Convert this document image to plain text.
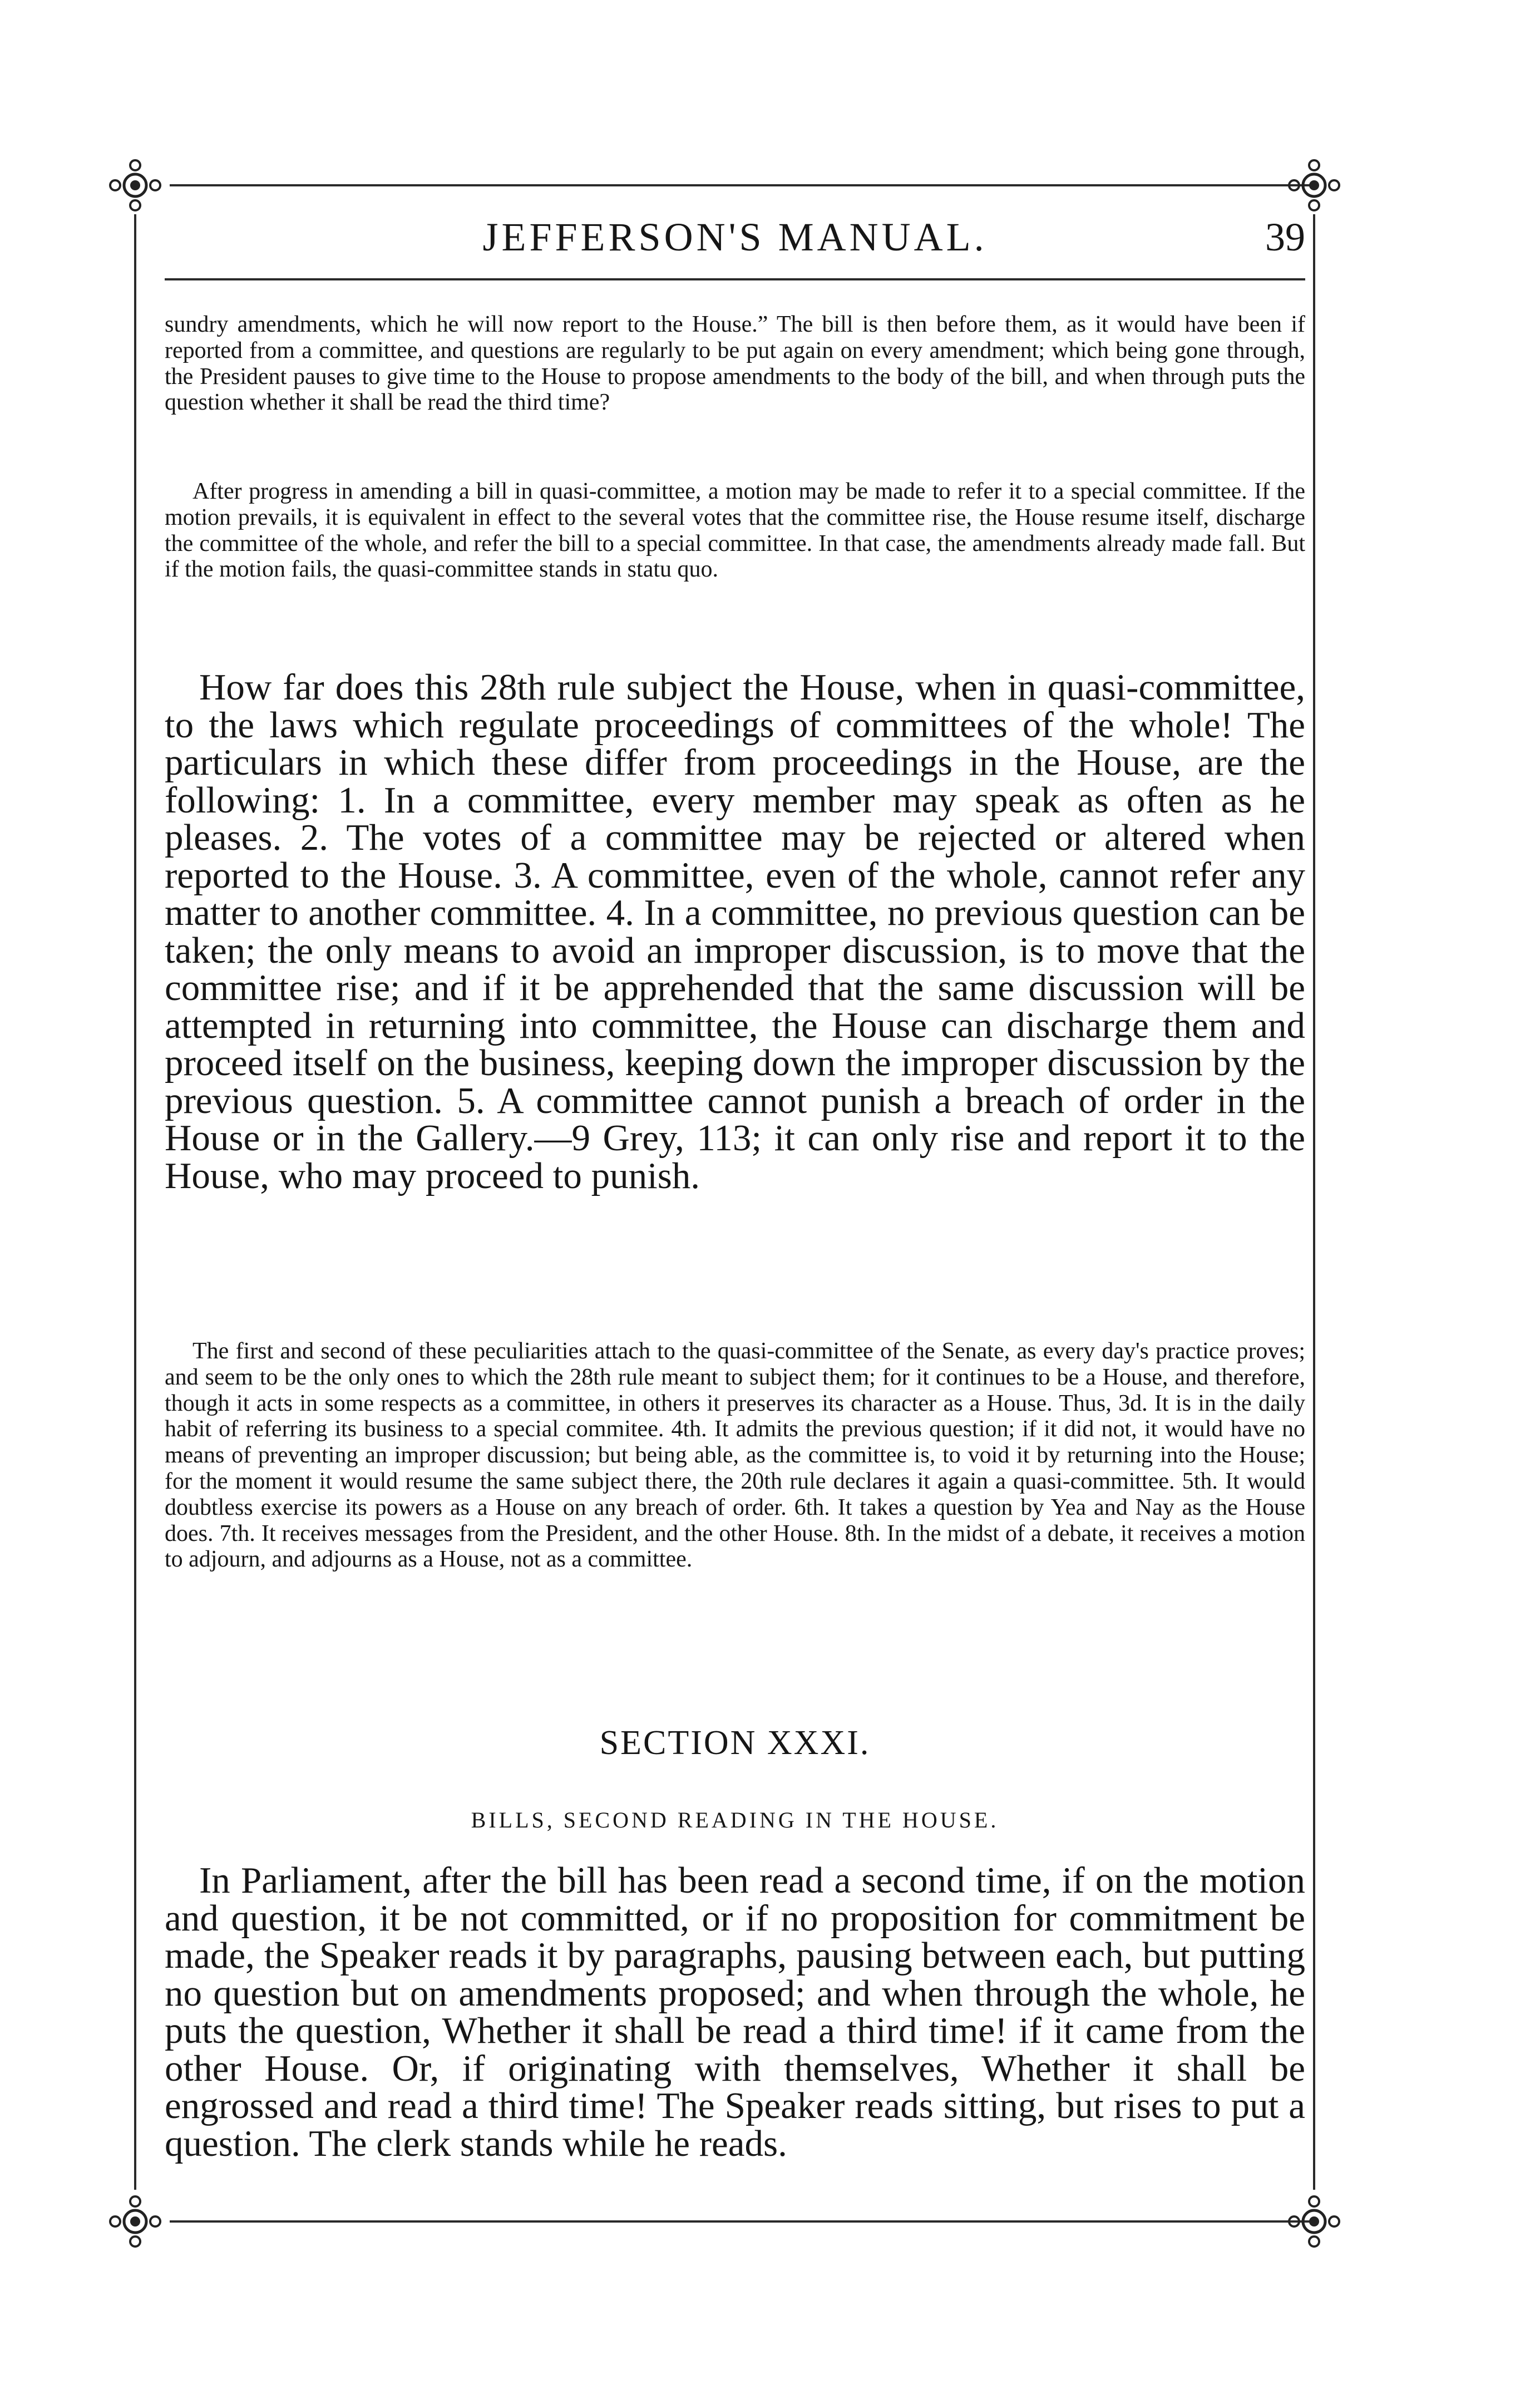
JEFFERSON'S MANUAL.	39

sundry amendments, which he will now report to the House.” The bill is then before them, as it would have been if reported from a committee, and questions are regularly to be put again on every amendment; which being gone through, the President pauses to give time to the House to propose amendments to the body of the bill, and when through puts the question whether it shall be read the third time?

After progress in amending a bill in quasi-committee, a motion may be made to refer it to a special committee. If the motion prevails, it is equivalent in effect to the several votes that the committee rise, the House resume itself, discharge the committee of the whole, and refer the bill to a special committee. In that case, the amendments already made fall. But if the motion fails, the quasi-committee stands in statu quo.

How far does this 28th rule subject the House, when in quasi-committee, to the laws which regulate proceedings of committees of the whole! The particulars in which these differ from proceedings in the House, are the following: 1. In a committee, every member may speak as often as he pleases. 2. The votes of a committee may be rejected or altered when reported to the House. 3. A committee, even of the whole, cannot refer any matter to another committee. 4. In a committee, no previous question can be taken; the only means to avoid an improper discussion, is to move that the committee rise; and if it be apprehended that the same discussion will be attempted in returning into committee, the House can discharge them and proceed itself on the business, keeping down the improper discussion by the previous question. 5. A committee cannot punish a breach of order in the House or in the Gallery.—9 Grey, 113; it can only rise and report it to the House, who may proceed to punish.

The first and second of these peculiarities attach to the quasi-committee of the Senate, as every day's practice proves; and seem to be the only ones to which the 28th rule meant to subject them; for it continues to be a House, and therefore, though it acts in some respects as a committee, in others it preserves its character as a House. Thus, 3d. It is in the daily habit of referring its business to a special commitee. 4th. It admits the previous question; if it did not, it would have no means of preventing an improper discussion; but being able, as the committee is, to void it by returning into the House; for the moment it would resume the same subject there, the 20th rule declares it again a quasi-committee. 5th. It would doubtless exercise its powers as a House on any breach of order. 6th. It takes a question by Yea and Nay as the House does. 7th. It receives messages from the President, and the other House. 8th. In the midst of a debate, it receives a motion to adjourn, and adjourns as a House, not as a committee.

SECTION XXXI.
BILLS, SECOND READING IN THE HOUSE.

In Parliament, after the bill has been read a second time, if on the motion and question, it be not committed, or if no proposition for commitment be made, the Speaker reads it by paragraphs, pausing between each, but putting no question but on amendments proposed; and when through the whole, he puts the question, Whether it shall be read a third time! if it came from the other House. Or, if originating with themselves, Whether it shall be engrossed and read a third time! The Speaker reads sitting, but rises to put a question. The clerk stands while he reads.
